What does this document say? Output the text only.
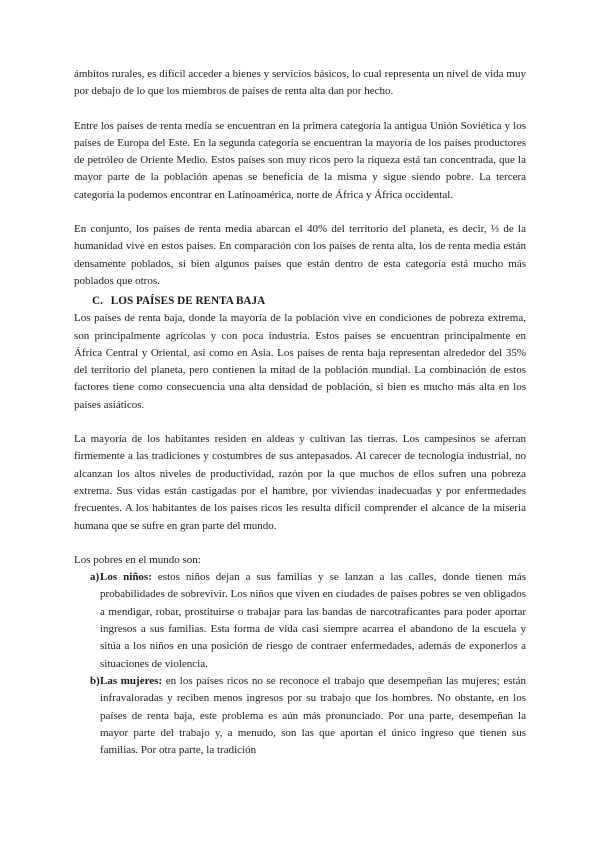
ámbitos rurales, es difícil acceder a bienes y servicios básicos, lo cual representa un nivel de vida muy por debajo de lo que los miembros de países de renta alta dan por hecho.

Entre los países de renta media se encuentran en la primera categoría la antigua Unión Soviética y los países de Europa del Este. En la segunda categoría se encuentran la mayoría de los países productores de petróleo de Oriente Medio. Estos países son muy ricos pero la riqueza está tan concentrada, que la mayor parte de la población apenas se beneficia de la misma y sigue siendo pobre. La tercera categoría la podemos encontrar en Latinoamérica, norte de África y África occidental.

En conjunto, los países de renta media abarcan el 40% del territorio del planeta, es decir, ⅓ de la humanidad vive en estos países. En comparación con los países de renta alta, los de renta media están densamente poblados, si bien algunos países que están dentro de esta categoría está mucho más poblados que otros.

C. LOS PAÍSES DE RENTA BAJA

Los países de renta baja, donde la mayoría de la población vive en condiciones de pobreza extrema, son principalmente agrícolas y con poca industria. Estos países se encuentran principalmente en África Central y Oriental, así como en Asia. Los países de renta baja representan alrededor del 35% del territorio del planeta, pero contienen la mitad de la población mundial. La combinación de estos factores tiene como consecuencia una alta densidad de población, si bien es mucho más alta en los países asiáticos.

La mayoría de los habitantes residen en aldeas y cultivan las tierras. Los campesinos se aferran firmemente a las tradiciones y costumbres de sus antepasados. Al carecer de tecnología industrial, no alcanzan los altos niveles de productividad, razón por la que muchos de ellos sufren una pobreza extrema. Sus vidas están castigadas por el hambre, por viviendas inadecuadas y por enfermedades frecuentes. A los habitantes de los países ricos les resulta difícil comprender el alcance de la miseria humana que se sufre en gran parte del mundo.

Los pobres en el mundo son:

a) Los niños: estos niños dejan a sus familias y se lanzan a las calles, donde tienen más probabilidades de sobrevivir. Los niños que viven en ciudades de países pobres se ven obligados a mendigar, robar, prostituirse o trabajar para las bandas de narcotraficantes para poder aportar ingresos a sus familias. Esta forma de vida casi siempre acarrea el abandono de la escuela y sitúa a los niños en una posición de riesgo de contraer enfermedades, además de exponerlos a situaciones de violencia.
b) Las mujeres: en los países ricos no se reconoce el trabajo que desempeñan las mujeres; están infravaloradas y reciben menos ingresos por su trabajo que los hombres. No obstante, en los países de renta baja, este problema es aún más pronunciado. Por una parte, desempeñan la mayor parte del trabajo y, a menudo, son las que aportan el único ingreso que tienen sus familias. Por otra parte, la tradición
